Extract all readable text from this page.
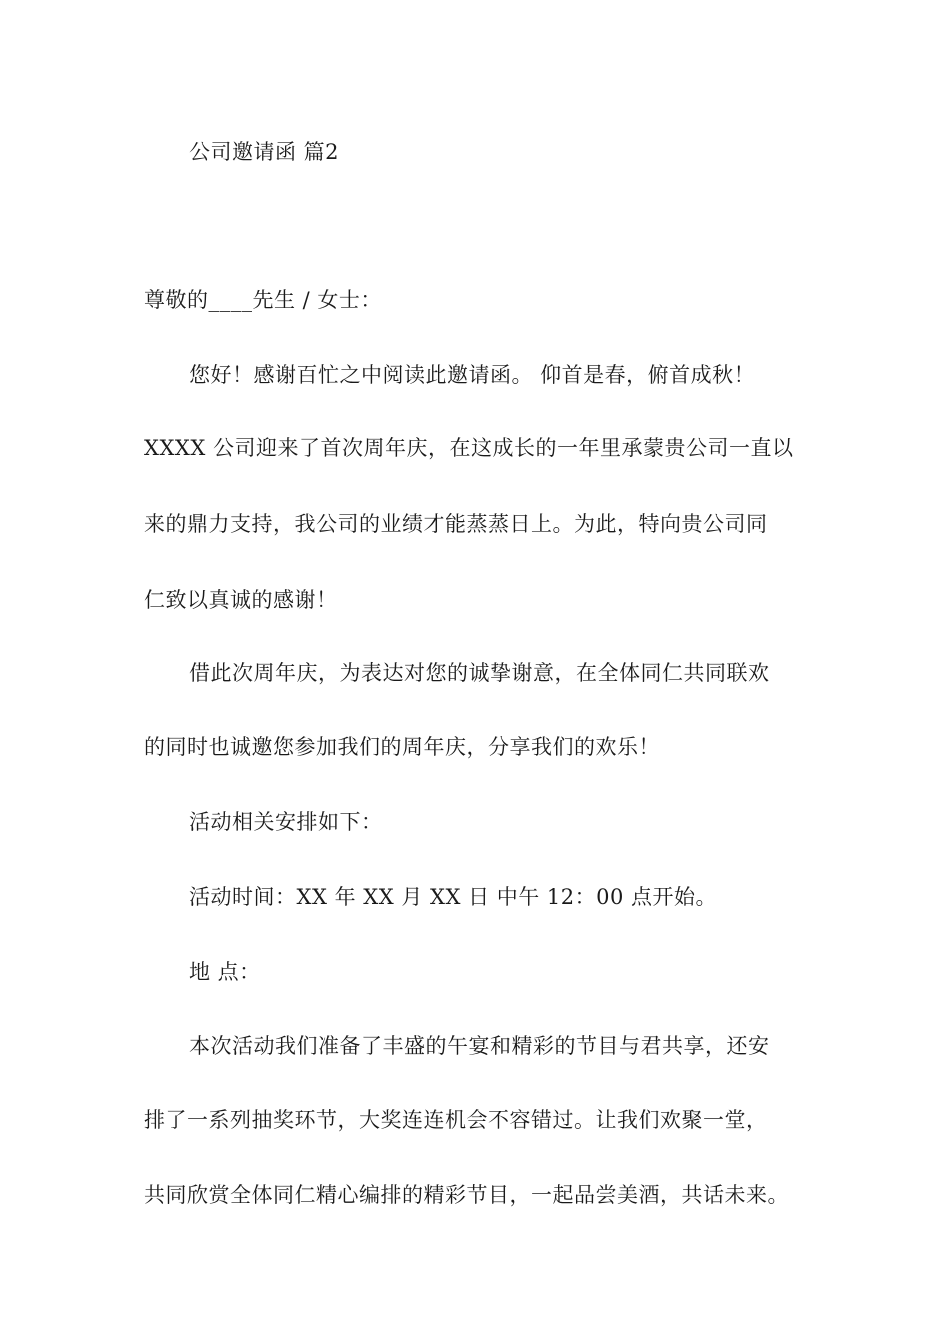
公司邀请函 篇2
尊敬的____先生 / 女士：
您好！感谢百忙之中阅读此邀请函。 仰首是春，俯首成秋！
XXXX 公司迎来了首次周年庆，在这成长的一年里承蒙贵公司一直以
来的鼎力支持，我公司的业绩才能蒸蒸日上。为此，特向贵公司同
仁致以真诚的感谢！
借此次周年庆，为表达对您的诚挚谢意，在全体同仁共同联欢
的同时也诚邀您参加我们的周年庆，分享我们的欢乐！
活动相关安排如下：
活动时间：XX 年 XX 月 XX 日 中午 12：00 点开始。
地 点：
本次活动我们准备了丰盛的午宴和精彩的节目与君共享，还安
排了一系列抽奖环节，大奖连连机会不容错过。让我们欢聚一堂，
共同欣赏全体同仁精心编排的精彩节目，一起品尝美酒，共话未来。
